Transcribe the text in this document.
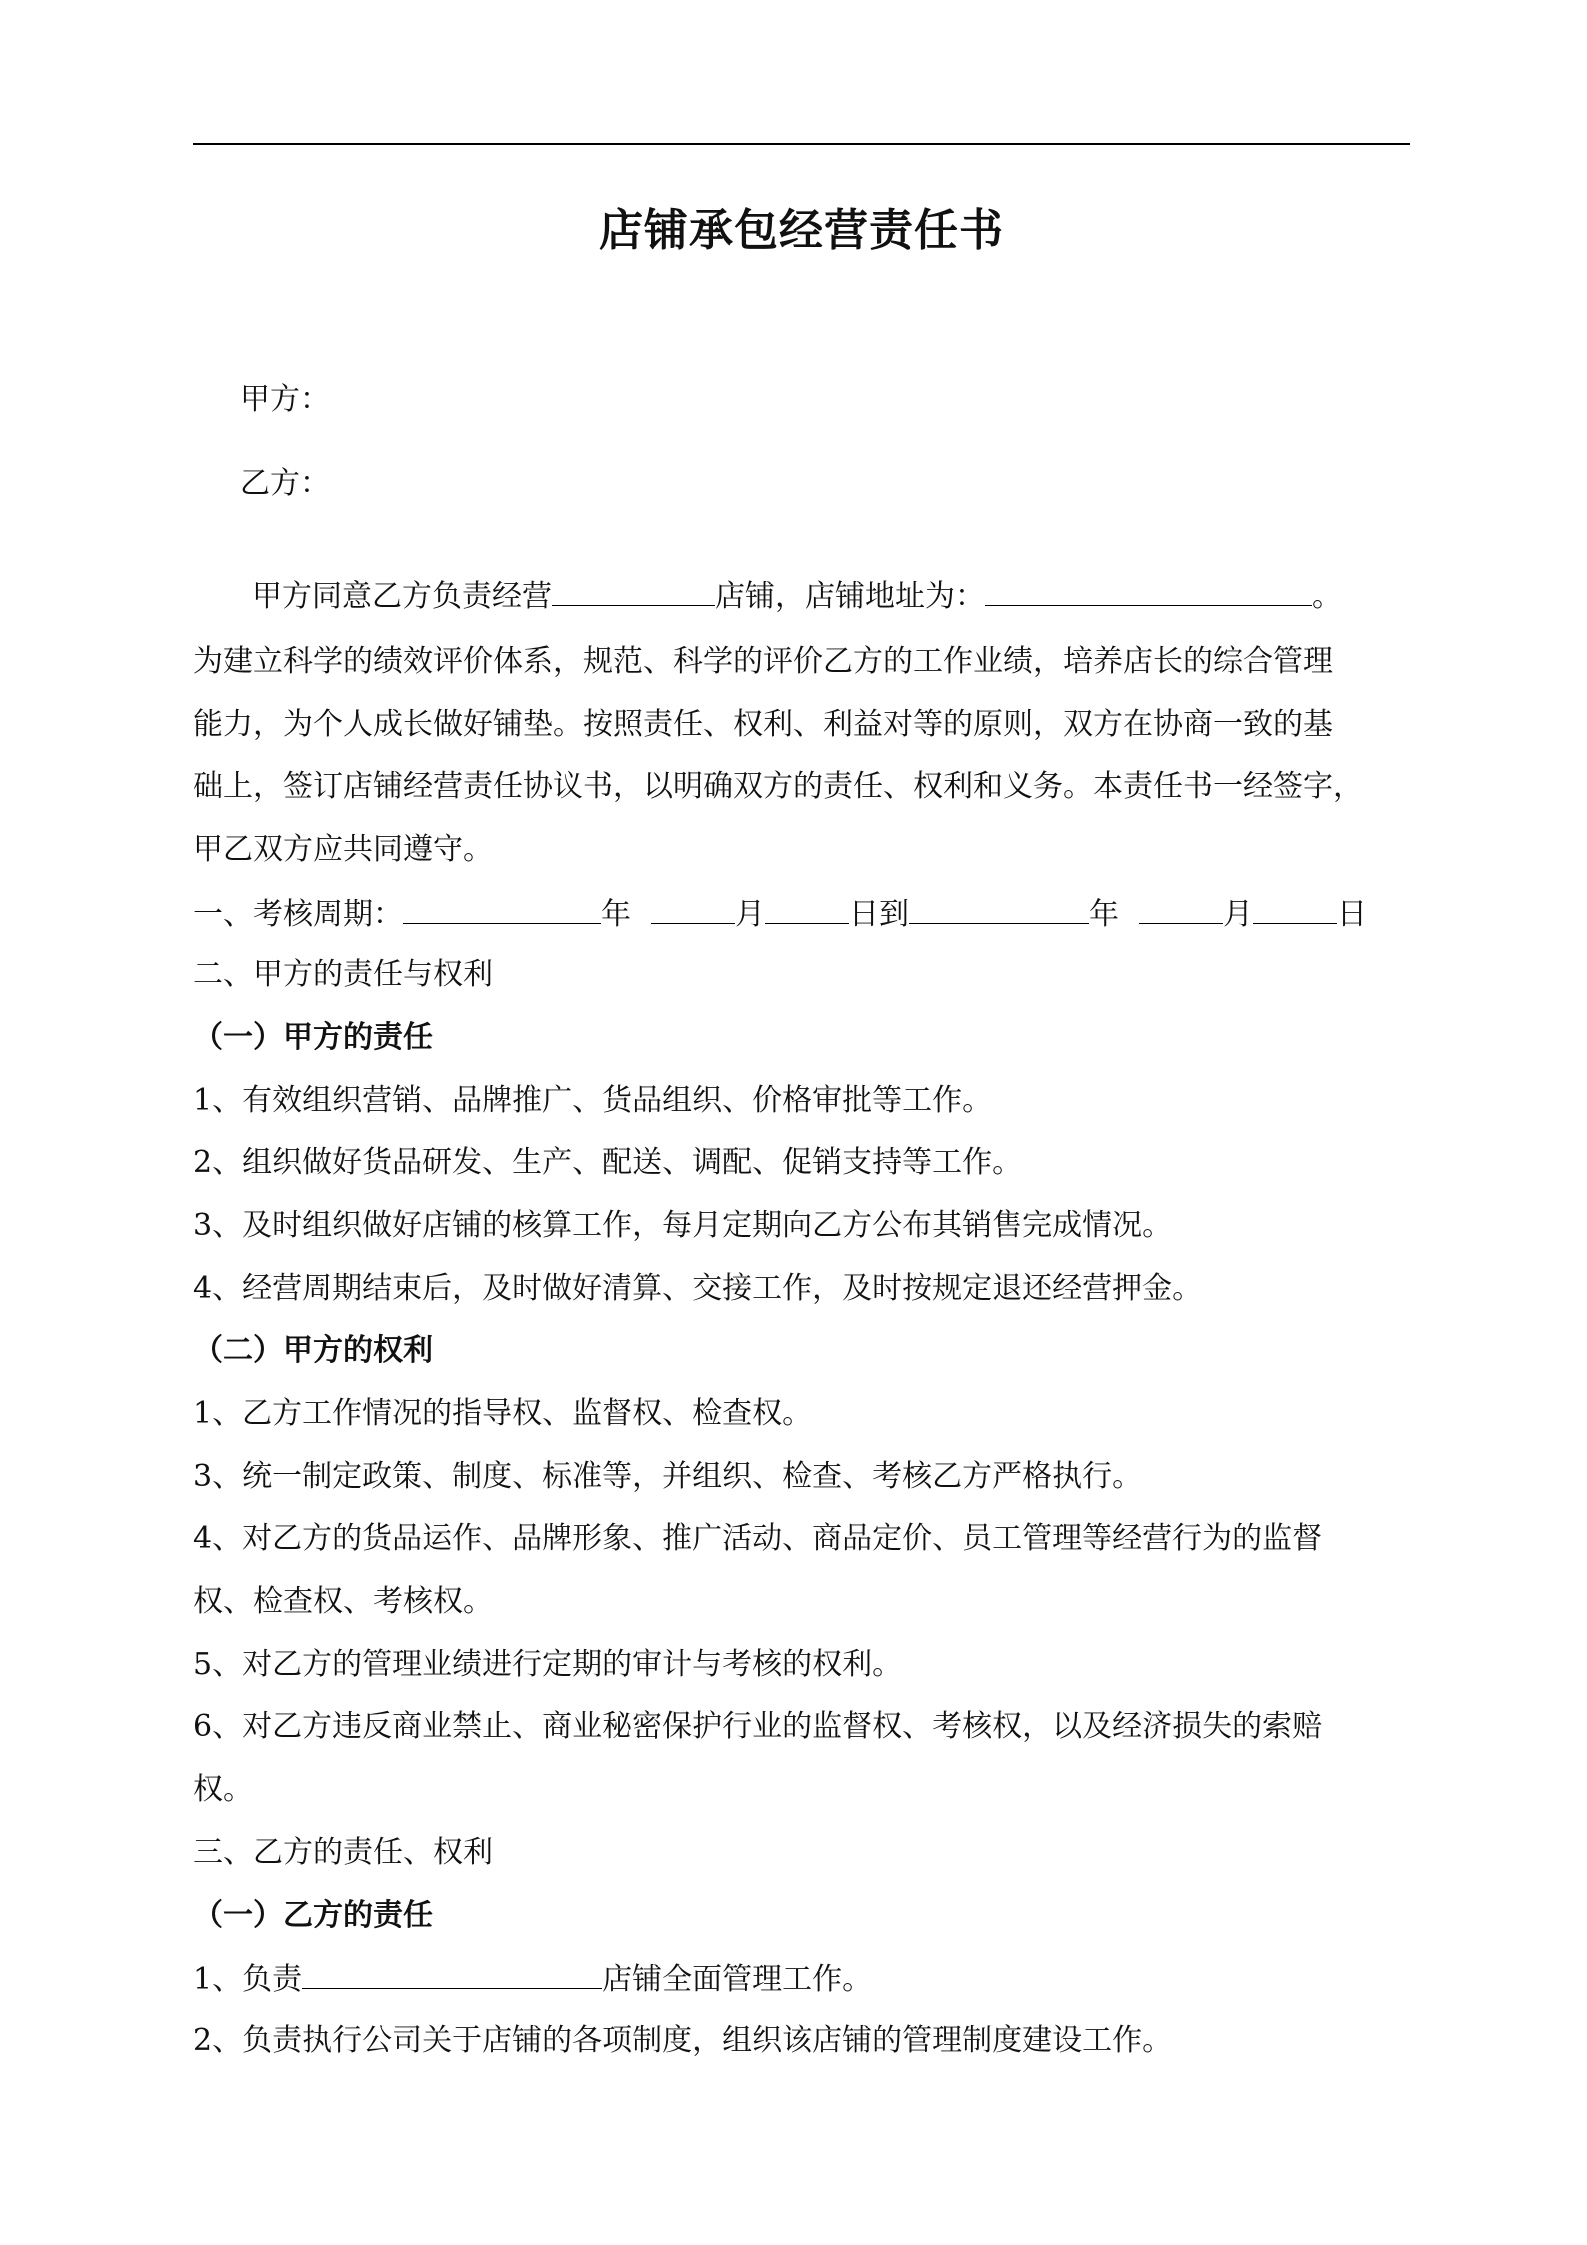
店铺承包经营责任书
甲方：
乙方：
甲方同意乙方负责经营	店铺，店铺地址为：	。
为建立科学的绩效评价体系，规范、科学的评价乙方的工作业绩，培养店长的综合管理
能力，为个人成长做好铺垫。按照责任、权利、利益对等的原则，双方在协商一致的基
础上，签订店铺经营责任协议书，以明确双方的责任、权利和义务。本责任书一经签字，
甲乙双方应共同遵守。
一、考核周期：	年	月	日到	年	月	日
二、甲方的责任与权利
（一）甲方的责任
1、有效组织营销、品牌推广、货品组织、价格审批等工作。
2、组织做好货品研发、生产、配送、调配、促销支持等工作。
3、及时组织做好店铺的核算工作，每月定期向乙方公布其销售完成情况。
4、经营周期结束后，及时做好清算、交接工作，及时按规定退还经营押金。
（二）甲方的权利
1、乙方工作情况的指导权、监督权、检查权。
3、统一制定政策、制度、标准等，并组织、检查、考核乙方严格执行。
4、对乙方的货品运作、品牌形象、推广活动、商品定价、员工管理等经营行为的监督
权、检查权、考核权。
5、对乙方的管理业绩进行定期的审计与考核的权利。
6、对乙方违反商业禁止、商业秘密保护行业的监督权、考核权，以及经济损失的索赔
权。
三、乙方的责任、权利
（一）乙方的责任
1、负责	店铺全面管理工作。
2、负责执行公司关于店铺的各项制度，组织该店铺的管理制度建设工作。
